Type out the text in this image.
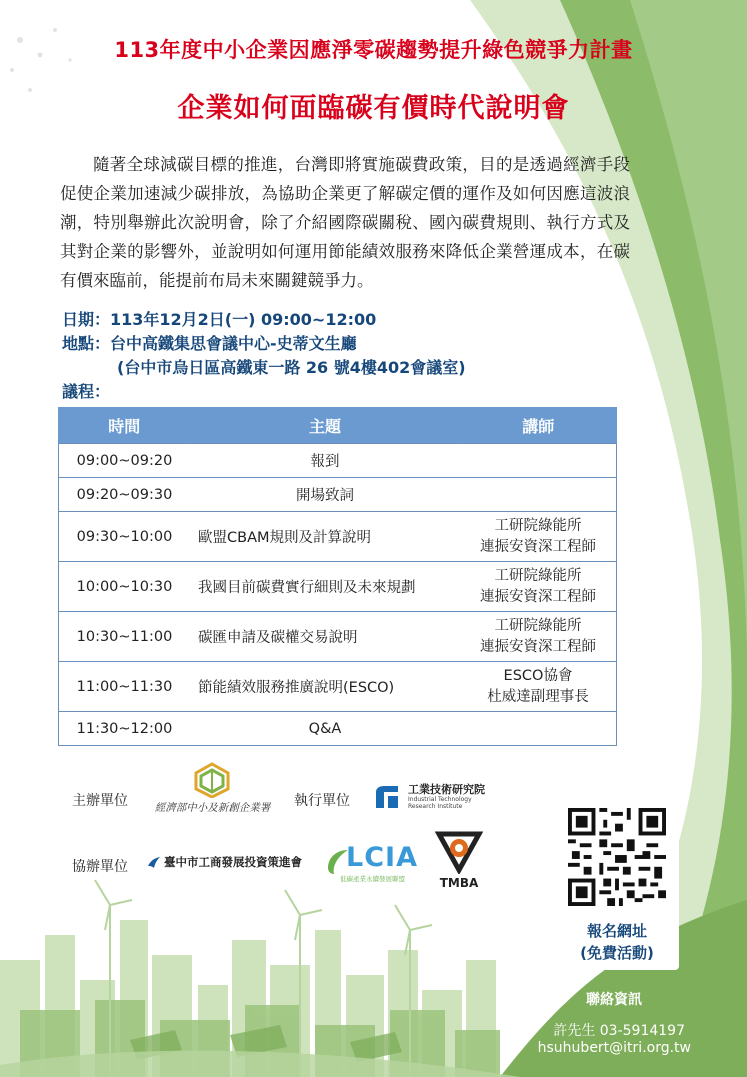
113年度中小企業因應淨零碳趨勢提升綠色競爭力計畫
企業如何面臨碳有價時代說明會
隨著全球減碳目標的推進，台灣即將實施碳費政策，目的是透過經濟手段促使企業加速減少碳排放，為協助企業更了解碳定價的運作及如何因應這波浪潮，特別舉辦此次說明會，除了介紹國際碳關稅、國內碳費規則、執行方式及其對企業的影響外，並說明如何運用節能績效服務來降低企業營運成本，在碳有價來臨前，能提前布局未來關鍵競爭力。
日期：113年12月2日(一) 09:00~12:00
地點：台中高鐵集思會議中心-史蒂文生廳
(台中市烏日區高鐵東一路 26 號4樓402會議室)
議程：
時間	主題	講師
09:00~09:20	報到	
09:20~09:30	開場致詞	
09:30~10:00	歐盟CBAM規則及計算說明	工研院綠能所
連振安資深工程師

10:00~10:30	我國目前碳費實行細則及未來規劃	工研院綠能所
連振安資深工程師

10:30~11:00	碳匯申請及碳權交易說明	工研院綠能所
連振安資深工程師

11:00~11:30	節能績效服務推廣說明(ESCO)	ESCO協會
杜威達副理事長

11:30~12:00	Q&A	
主辦單位	經濟部中小及新創企業署	執行單位
工業技術研究院
Industrial Technology
Research Institute
協辦單位	臺中市工商發展投資策進會 LCIA
低碳產業永續發展聯盟	TMBA
報名網址
(免費活動)
聯絡資訊
許先生 03-5914197
hsuhubert@itri.org.tw
